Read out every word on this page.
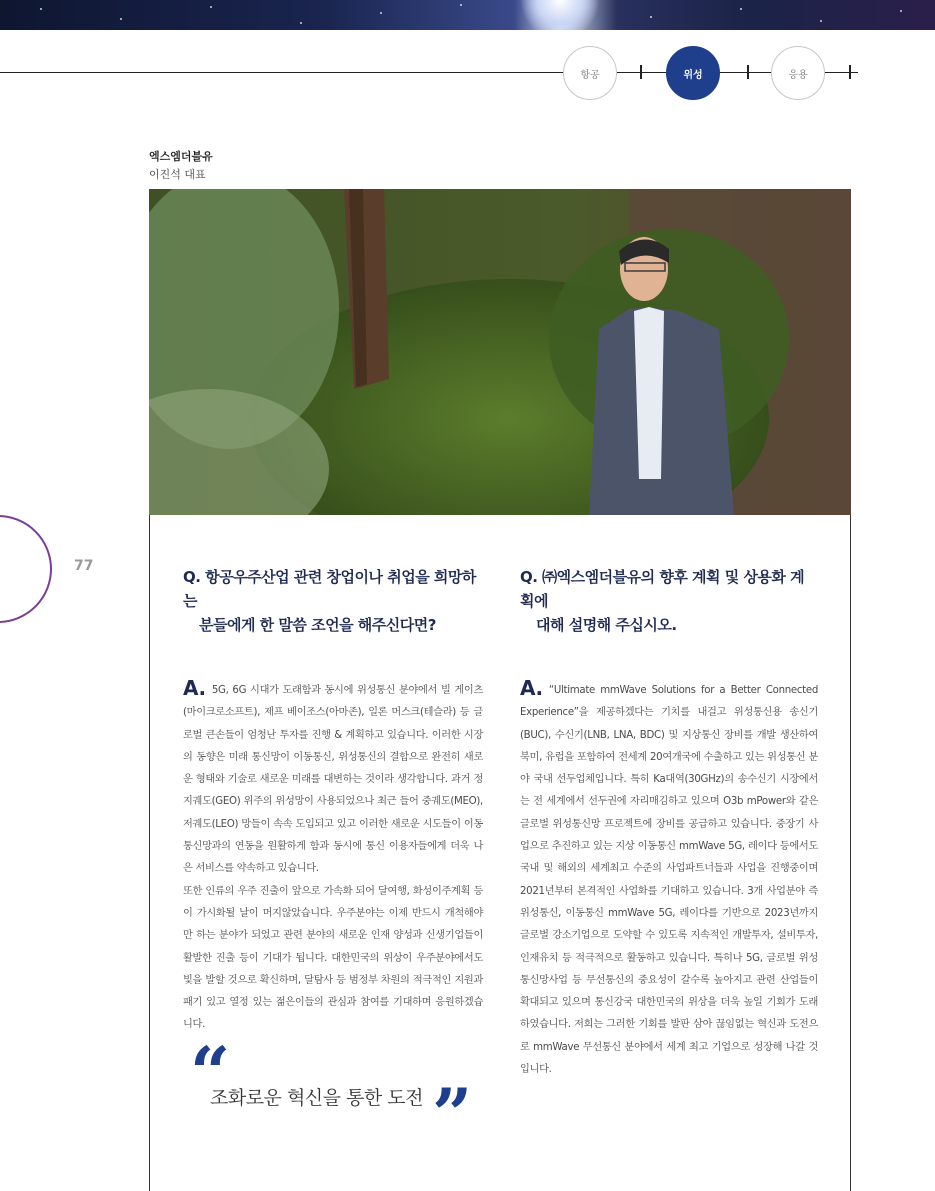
항공	위성	응용
77
엑스엠더블유
이진석 대표
Q. 항공우주산업 관련 창업이나 취업을 희망하는
분들에게 한 말씀 조언을 해주신다면?

A. 5G, 6G 시대가 도래함과 동시에 위성통신 분야에서 빌 게이츠(마이크로소프트), 제프 베이조스(아마존), 일론 머스크(테슬라) 등 글로벌 큰손들이 엄청난 투자를 진행 & 계획하고 있습니다. 이러한 시장의 동향은 미래 통신망이 이동통신, 위성통신의 결합으로 완전히 새로운 형태와 기술로 새로운 미래를 대변하는 것이라 생각합니다. 과거 정지궤도(GEO) 위주의 위성망이 사용되었으나 최근 들어 중궤도(MEO), 저궤도(LEO) 망들이 속속 도입되고 있고 이러한 새로운 시도들이 이동통신망과의 연동을 원활하게 함과 동시에 통신 이용자들에게 더욱 나은 서비스를 약속하고 있습니다.

또한 인류의 우주 진출이 앞으로 가속화 되어 달여행, 화성이주계획 등이 가시화될 날이 머지않았습니다. 우주분야는 이제 반드시 개척해야만 하는 분야가 되었고 관련 분야의 새로운 인재 양성과 신생기업들이 활발한 진출 등이 기대가 됩니다. 대한민국의 위상이 우주분야에서도 빛을 발할 것으로 확신하며, 달탐사 등 범정부 차원의 적극적인 지원과 패기 있고 열정 있는 젊은이들의 관심과 참여를 기대하며 응원하겠습니다.

“
조화로운 혁신을 통한 도전 ”
Q. ㈜엑스엠더블유의 향후 계획 및 상용화 계획에
대해 설명해 주십시오.

A. “Ultimate mmWave Solutions for a Better Connected Experience”을 제공하겠다는 기치를 내걸고 위성통신용 송신기(BUC), 수신기(LNB, LNA, BDC) 및 지상통신 장비를 개발 생산하여 북미, 유럽을 포함하여 전세계 20여개국에 수출하고 있는 위성통신 분야 국내 선두업체입니다. 특히 Ka대역(30GHz)의 송수신기 시장에서는 전 세계에서 선두권에 자리매김하고 있으며 O3b mPower와 같은 글로벌 위성통신망 프로젝트에 장비를 공급하고 있습니다. 중장기 사업으로 추진하고 있는 지상 이동통신 mmWave 5G, 레이다 등에서도 국내 및 해외의 세계최고 수준의 사업파트너들과 사업을 진행중이며 2021년부터 본격적인 사업화를 기대하고 있습니다. 3개 사업분야 즉 위성통신, 이동통신 mmWave 5G, 레이다를 기반으로 2023년까지 글로벌 강소기업으로 도약할 수 있도록 지속적인 개발투자, 설비투자, 인재유치 등 적극적으로 활동하고 있습니다. 특히나 5G, 글로벌 위성통신망사업 등 무선통신의 중요성이 갈수록 높아지고 관련 산업들이 확대되고 있으며 통신강국 대한민국의 위상을 더욱 높일 기회가 도래하였습니다. 저희는 그러한 기회를 발판 삼아 끊임없는 혁신과 도전으로 mmWave 무선통신 분야에서 세계 최고 기업으로 성장해 나갈 것입니다.
